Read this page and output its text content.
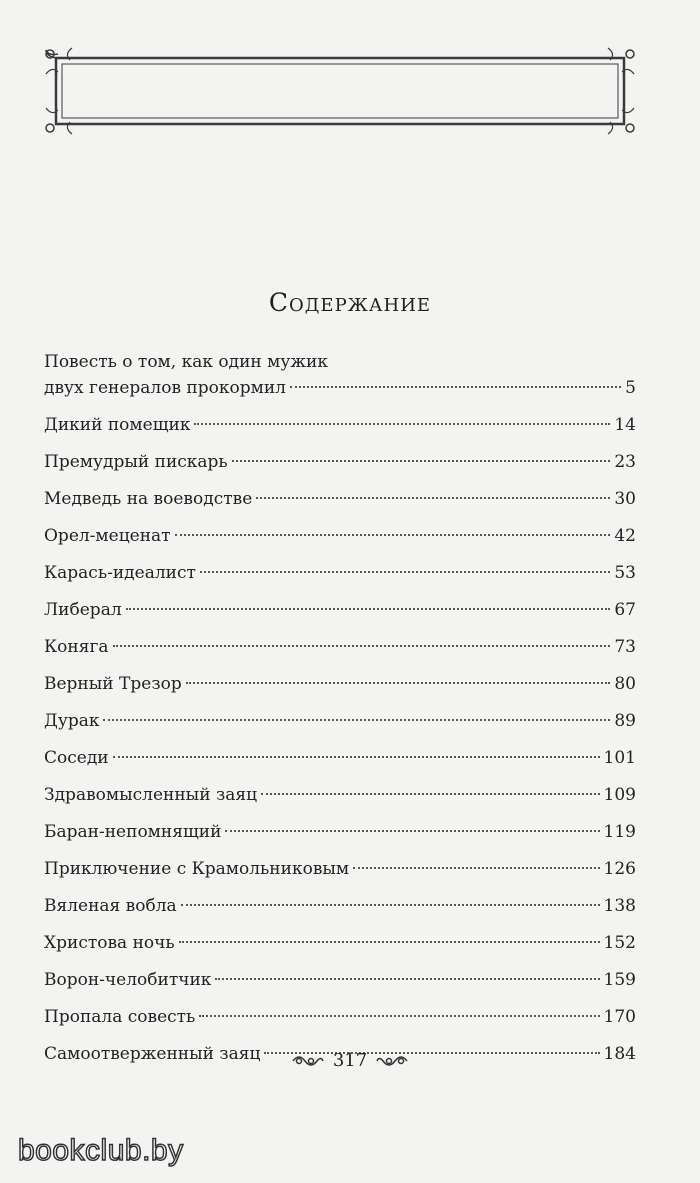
Содержание
Повесть о том, как один мужик
двух генералов прокормил	5
Дикий помещик	14
Премудрый пискарь	23
Медведь на воеводстве	30
Орел-меценат	42
Карась-идеалист	53
Либерал	67
Коняга	73
Верный Трезор	80
Дурак	89
Соседи	101
Здравомысленный заяц	109
Баран-непомнящий	119
Приключение с Крамольниковым	126
Вяленая вобла	138
Христова ночь	152
Ворон-челобитчик	159
Пропала совесть	170
Самоотверженный заяц	184
317

bookclub.by
